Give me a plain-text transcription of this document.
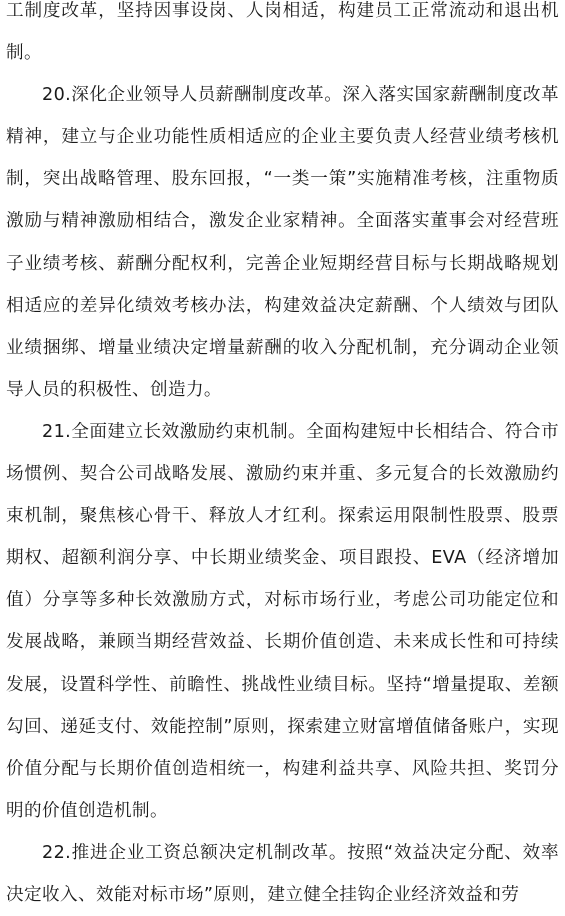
工制度改革，坚持因事设岗、人岗相适，构建员工正常流动和退出机制。

20.深化企业领导人员薪酬制度改革。深入落实国家薪酬制度改革精神，建立与企业功能性质相适应的企业主要负责人经营业绩考核机制，突出战略管理、股东回报，“一类一策”实施精准考核，注重物质激励与精神激励相结合，激发企业家精神。全面落实董事会对经营班子业绩考核、薪酬分配权利，完善企业短期经营目标与长期战略规划相适应的差异化绩效考核办法，构建效益决定薪酬、个人绩效与团队业绩捆绑、增量业绩决定增量薪酬的收入分配机制，充分调动企业领导人员的积极性、创造力。

21.全面建立长效激励约束机制。全面构建短中长相结合、符合市场惯例、契合公司战略发展、激励约束并重、多元复合的长效激励约束机制，聚焦核心骨干、释放人才红利。探索运用限制性股票、股票期权、超额利润分享、中长期业绩奖金、项目跟投、EVA（经济增加值）分享等多种长效激励方式，对标市场行业，考虑公司功能定位和发展战略，兼顾当期经营效益、长期价值创造、未来成长性和可持续发展，设置科学性、前瞻性、挑战性业绩目标。坚持“增量提取、差额勾回、递延支付、效能控制”原则，探索建立财富增值储备账户，实现价值分配与长期价值创造相统一，构建利益共享、风险共担、奖罚分明的价值创造机制。

22.推进企业工资总额决定机制改革。按照“效益决定分配、效率决定收入、效能对标市场”原则，建立健全挂钩企业经济效益和劳
